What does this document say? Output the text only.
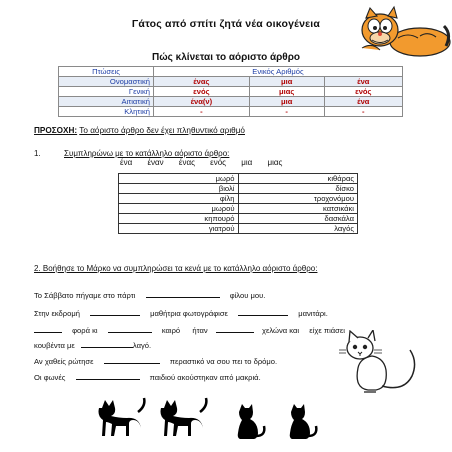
Γάτος από σπίτι ζητά νέα οικογένεια
Πώς κλίνεται το αόριστο άρθρο
Πτώσεις	Ενικός Αριθμός		
Ονομαστική	ένας	μια	ένα
Γενική	ενός	μιας	ενός
Αιτιατική	ένα(ν)	μια	ένα
Κλητική	-	-	-
ΠΡΟΣΟΧΗ: Το αόριστο άρθρο δεν έχει πληθυντικό αριθμό
1.	Συμπληρώνω με το κατάλληλο αόριστο άρθρο:
ένα έναν ένας ενός μια μιας
μωρό	κιθάρας
βιολί	δίσκο
φίλη	τροχονόμου
μωρού	κατσικάκι
κηπουρό	δασκάλα
γιατρού	λαγός
2. Βοήθησε το Μάρκο να συμπληρώσει τα κενά με το κατάλληλο αόριστο άρθρο:
Το Σάββατο πήγαμε στο πάρτι	φίλου μου.
Στην εκδρομή	μαθήτρια φωτογράφισε	μανιτάρι.
φορά κι	καιρό ήταν	χελώνα και είχε πιάσει
κουβέντα με	λαγό.
Αν χαθείς ρώτησε	περαστικό να σου πει το δρόμο.
Οι φωνές	παιδιού ακούστηκαν από μακριά.
